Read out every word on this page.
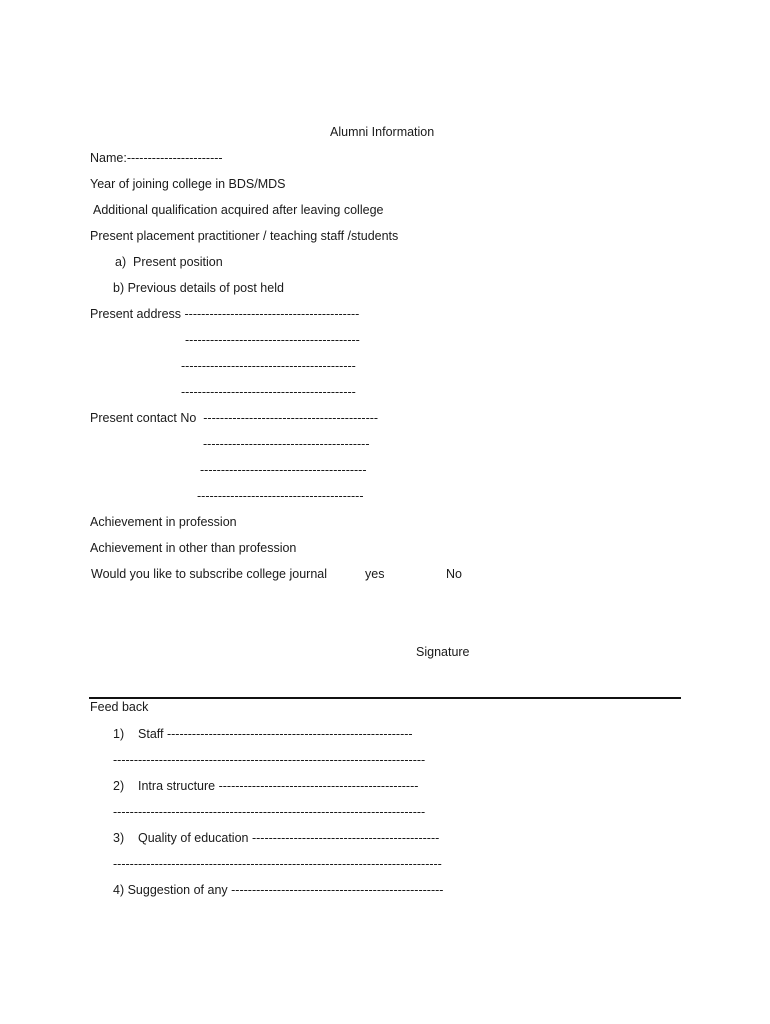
Alumni Information
Name:-----------------------
Year of joining college in BDS/MDS
Additional qualification acquired after leaving college
Present placement practitioner / teaching staff /students
a)  Present position
b) Previous details of post held
Present address ------------------------------------------
------------------------------------------
------------------------------------------
------------------------------------------
Present contact No  ------------------------------------------
----------------------------------------
----------------------------------------
----------------------------------------
Achievement in profession
Achievement in other than profession
Would you like to subscribe college journal	yes	No
Signature
Feed back
1)    Staff -----------------------------------------------------------
---------------------------------------------------------------------------
2)    Intra structure ------------------------------------------------
---------------------------------------------------------------------------
3)    Quality of education ---------------------------------------------
-------------------------------------------------------------------------------
4) Suggestion of any ---------------------------------------------------
